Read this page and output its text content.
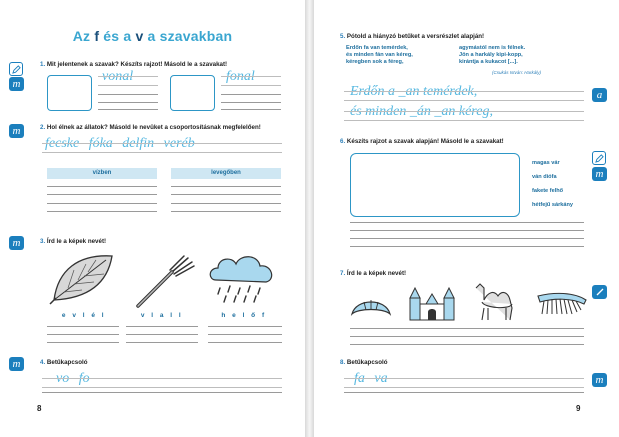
Az f és a v a szavakban
m
1. Mit jelentenek a szavak? Készíts rajzot! Másold le a szavakat!
vonal	fonal
m	2. Hol élnek az állatok? Másold le nevüket a csoportosításnak megfelelően!
fecske fóka delfin veréb
vízben	levegőben
m	3. Írd le a képek nevét!
e v l é l	v l a l l	h e l ő f
m	4. Betűkapcsoló
vo fo
8
5. Pótold a hiányzó betűket a versrészlet alapján!
Erdőn fa van temérdek,
és minden fán van kéreg,
kéregben sok a féreg,
agymástól nem is félnek.
Jön a harkály kipi-kopp,
kirántja a kukacot [...].
(Csukás István: Harkály)
Erdőn a _an temérdek,
és minden _án _an kéreg,
a
6. Készíts rajzot a szavak alapján! Másold le a szavakat!
magas vár
ván diófa
fakete felhő
hétfejű sárkány
m
7. Írd le a képek nevét!
8. Betűkapcsoló
fa va	m
9
